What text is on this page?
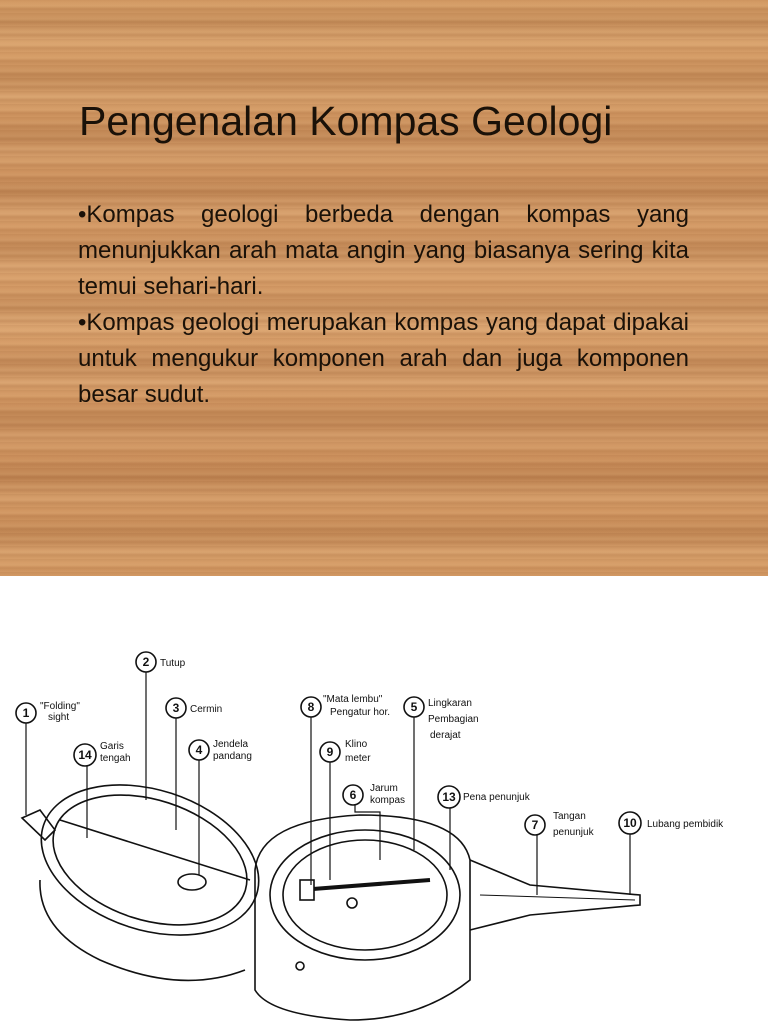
Pengenalan Kompas Geologi

•Kompas geologi berbeda dengan kompas yang menunjukkan arah mata angin yang biasanya sering kita temui sehari-hari.

•Kompas geologi merupakan kompas yang dapat dipakai untuk mengukur komponen arah dan juga komponen besar sudut.

1 "Folding"
sight
2 Tutup
3 Cermin
4 Jendela
pandang
14
Garis
tengah
8
"Mata lembu"
Pengatur hor. 5 Lingkaran
Pembagian
derajat
9
Klino
meter
6 Jarum
kompas	13 Pena penunjuk
7
Tangan
penunjuk
10 Lubang pembidik
